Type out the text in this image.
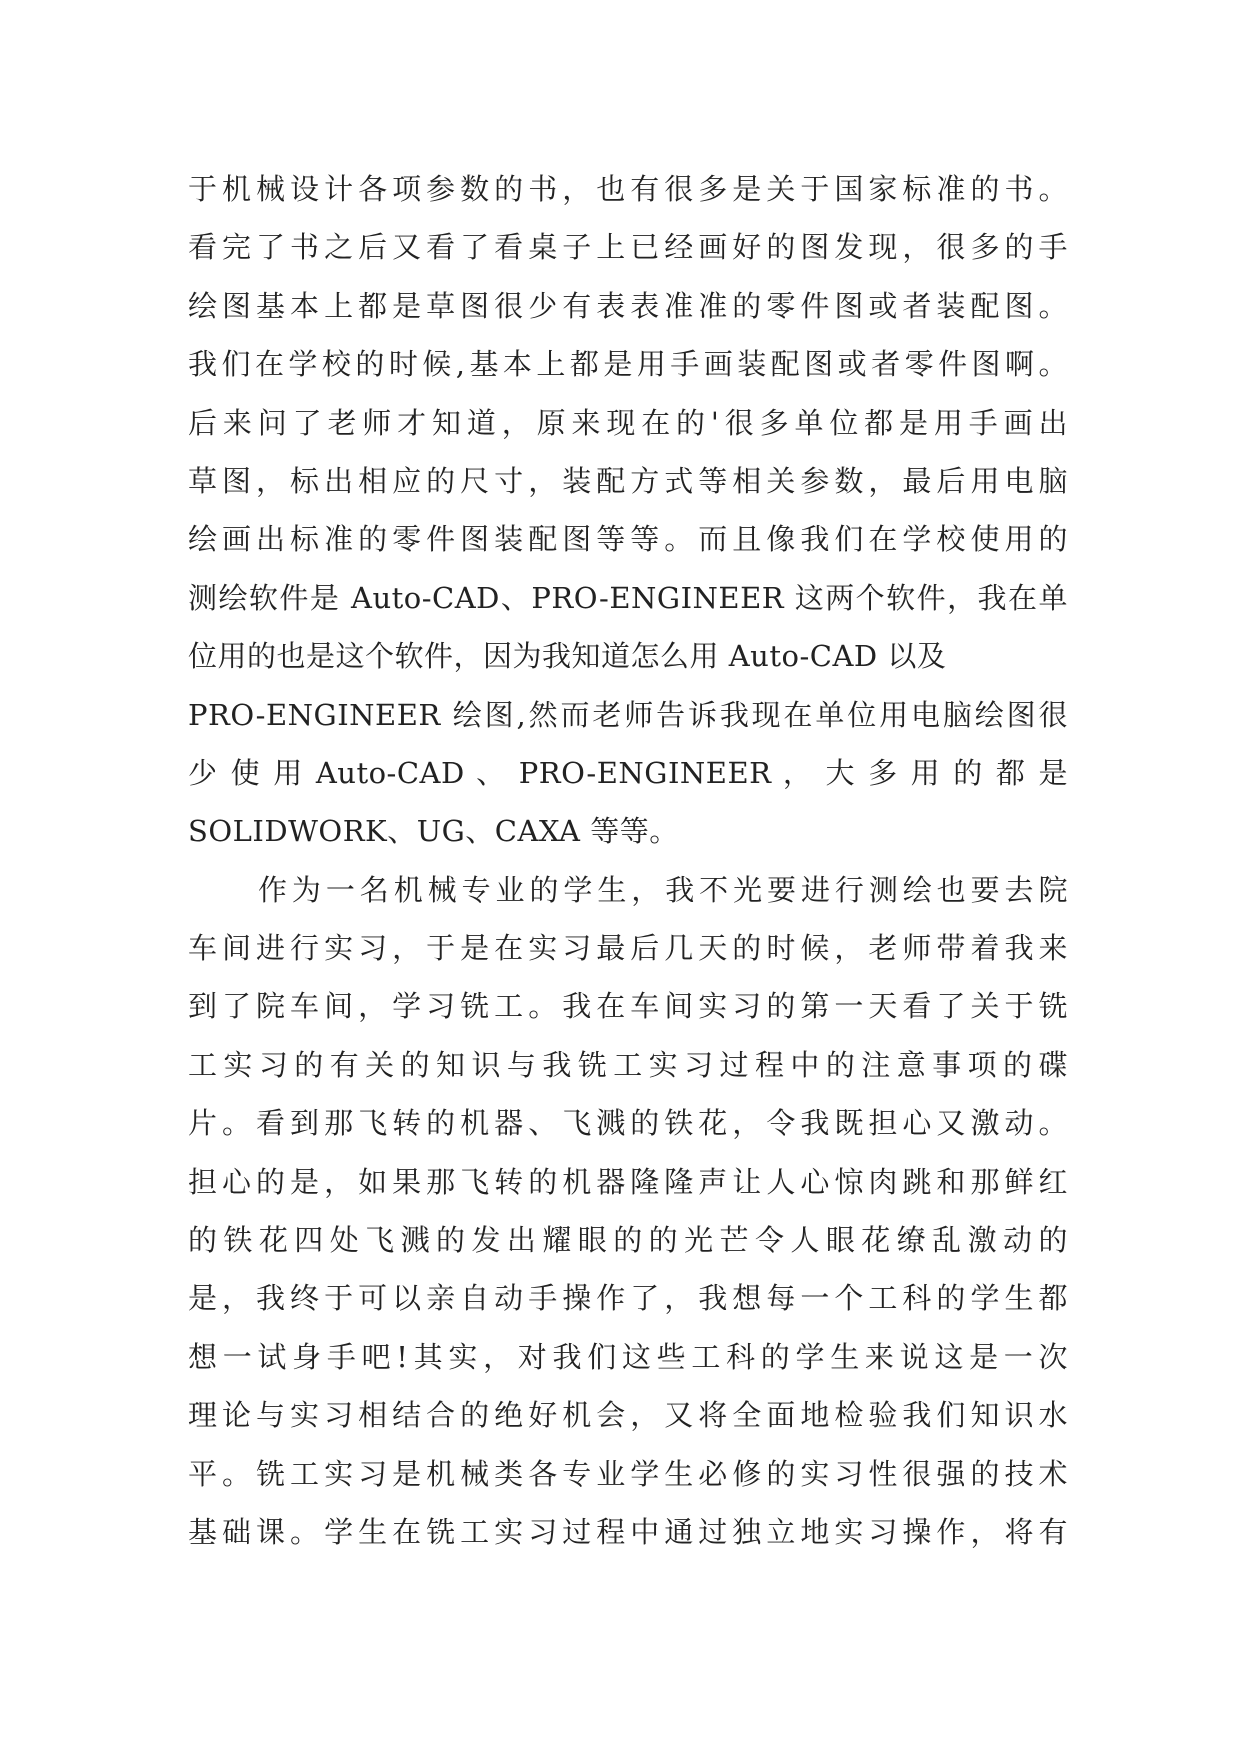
于机械设计各项参数的书，也有很多是关于国家标准的书。
看完了书之后又看了看桌子上已经画好的图发现，很多的手
绘图基本上都是草图很少有表表准准的零件图或者装配图。
我们在学校的时候,基本上都是用手画装配图或者零件图啊。
后来问了老师才知道，原来现在的'很多单位都是用手画出
草图，标出相应的尺寸，装配方式等相关参数，最后用电脑
绘画出标准的零件图装配图等等。而且像我们在学校使用的
测绘软件是 Auto-CAD、PRO-ENGINEER 这两个软件，我在单
位用的也是这个软件，因为我知道怎么用 Auto-CAD 以及
PRO-ENGINEER 绘图,然而老师告诉我现在单位用电脑绘图很
少 使 用 Auto-CAD 、 PRO-ENGINEER ， 大 多 用 的 都 是
SOLIDWORK、UG、CAXA 等等。
作为一名机械专业的学生，我不光要进行测绘也要去院
车间进行实习，于是在实习最后几天的时候，老师带着我来
到了院车间，学习铣工。我在车间实习的第一天看了关于铣
工实习的有关的知识与我铣工实习过程中的注意事项的碟
片。看到那飞转的机器、飞溅的铁花，令我既担心又激动。
担心的是，如果那飞转的机器隆隆声让人心惊肉跳和那鲜红
的铁花四处飞溅的发出耀眼的的光芒令人眼花缭乱激动的
是，我终于可以亲自动手操作了，我想每一个工科的学生都
想一试身手吧!其实，对我们这些工科的学生来说这是一次
理论与实习相结合的绝好机会，又将全面地检验我们知识水
平。铣工实习是机械类各专业学生必修的实习性很强的技术
基础课。学生在铣工实习过程中通过独立地实习操作，将有
